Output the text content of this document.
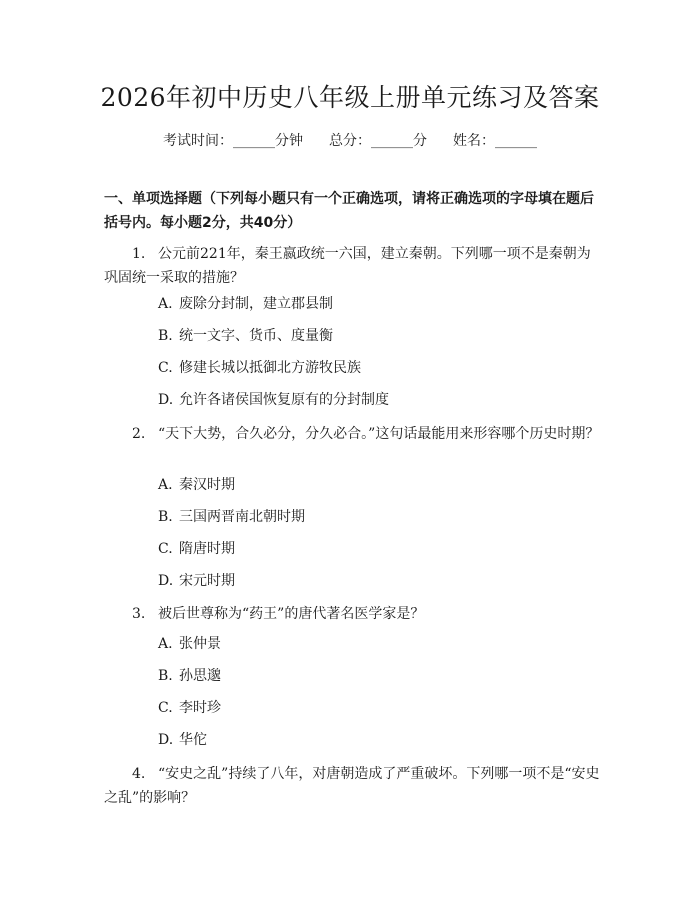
2026年初中历史八年级上册单元练习及答案
考试时间：______分钟 总分：______分 姓名：______
一、单项选择题（下列每小题只有一个正确选项，请将正确选项的字母填在题后括号内。每小题2分，共40分）
1. 公元前221年，秦王嬴政统一六国，建立秦朝。下列哪一项不是秦朝为巩固统一采取的措施？
A. 废除分封制，建立郡县制
B. 统一文字、货币、度量衡
C. 修建长城以抵御北方游牧民族
D. 允许各诸侯国恢复原有的分封制度
2. “天下大势，合久必分，分久必合。”这句话最能用来形容哪个历史时期？
A. 秦汉时期
B. 三国两晋南北朝时期
C. 隋唐时期
D. 宋元时期
3. 被后世尊称为“药王”的唐代著名医学家是？
A. 张仲景
B. 孙思邈
C. 李时珍
D. 华佗
4. “安史之乱”持续了八年，对唐朝造成了严重破坏。下列哪一项不是“安史之乱”的影响？
